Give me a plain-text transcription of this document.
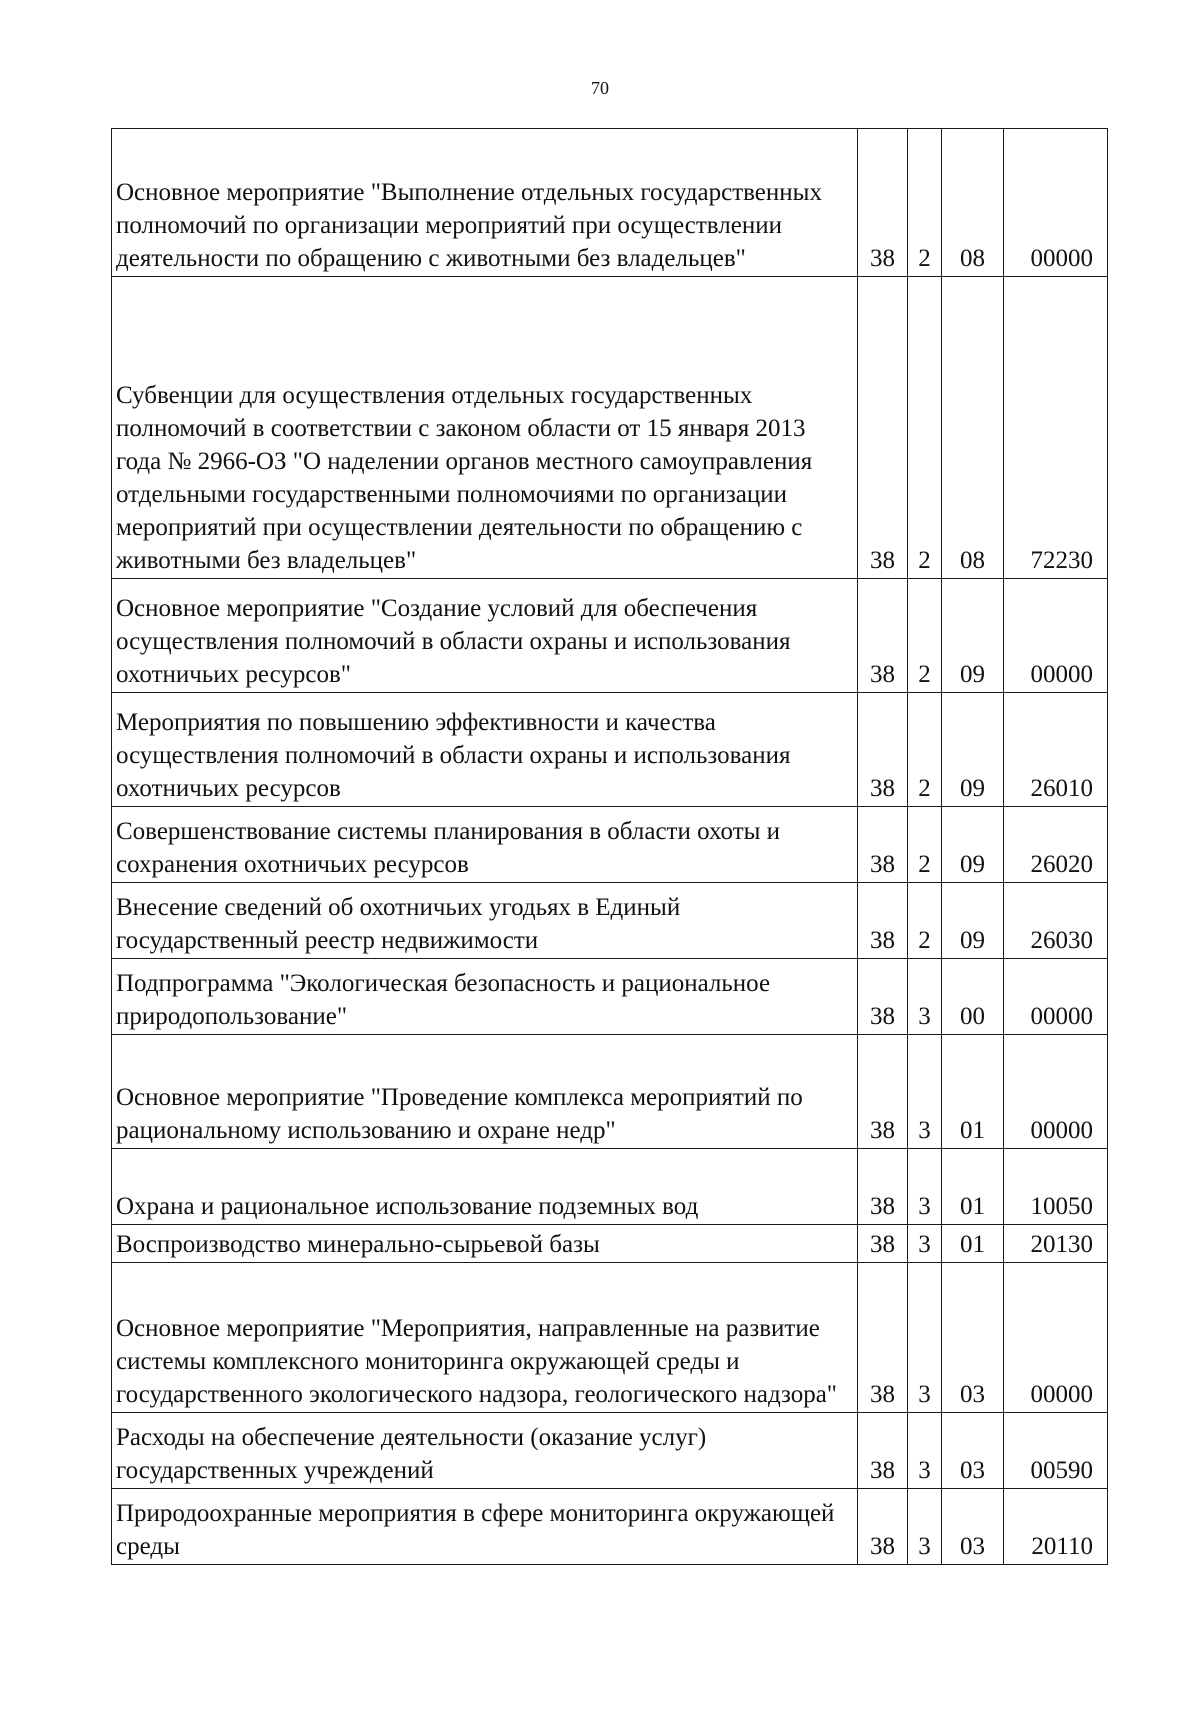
70
Основное мероприятие "Выполнение отдельных государственных полномочий по организации мероприятий при осуществлении деятельности по обращению с животными без владельцев"	38	2	08	00000
Субвенции для осуществления отдельных государственных полномочий в соответствии с законом области от 15 января 2013 года № 2966-ОЗ "О наделении органов местного самоуправления отдельными государственными полномочиями по организации мероприятий при осуществлении деятельности по обращению с животными без владельцев"	38	2	08	72230
Основное мероприятие "Создание условий для обеспечения осуществления полномочий в области охраны и использования охотничьих ресурсов"	38	2	09	00000
Мероприятия по повышению эффективности и качества осуществления полномочий в области охраны и использования охотничьих ресурсов	38	2	09	26010
Совершенствование системы планирования в области охоты и сохранения охотничьих ресурсов	38	2	09	26020
Внесение сведений об охотничьих угодьях в Единый государственный реестр недвижимости	38	2	09	26030
Подпрограмма "Экологическая безопасность и рациональное природопользование"	38	3	00	00000
Основное мероприятие "Проведение комплекса мероприятий по рациональному использованию и охране недр"	38	3	01	00000
Охрана и рациональное использование подземных вод	38	3	01	10050
Воспроизводство минерально-сырьевой базы	38	3	01	20130
Основное мероприятие "Мероприятия, направленные на развитие системы комплексного мониторинга окружающей среды и государственного экологического надзора, геологического надзора"	38	3	03	00000
Расходы на обеспечение деятельности (оказание услуг) государственных учреждений	38	3	03	00590
Природоохранные мероприятия в сфере мониторинга окружающей среды	38	3	03	20110
